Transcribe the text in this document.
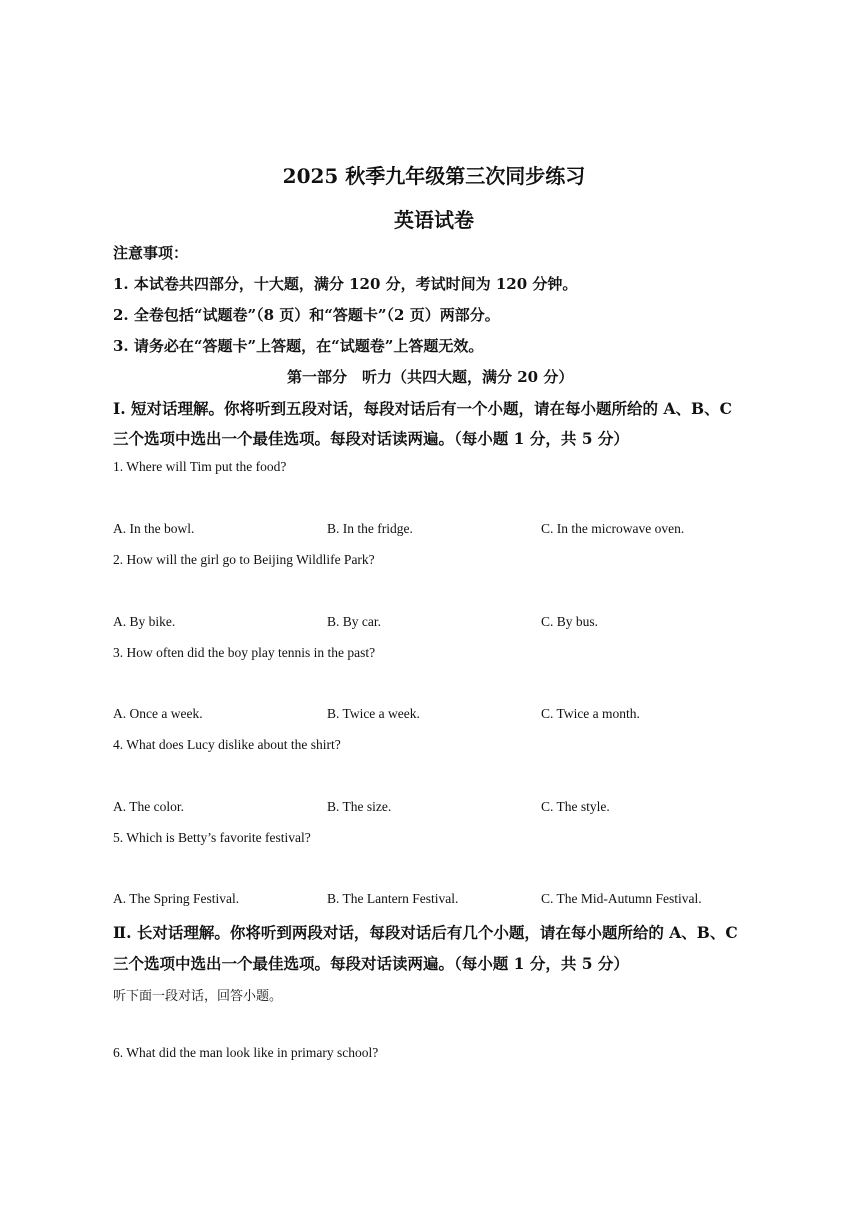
2025 秋季九年级第三次同步练习
英语试卷
注意事项：
1. 本试卷共四部分，十大题，满分 120 分，考试时间为 120 分钟。
2. 全卷包括“试题卷”（8 页）和“答题卡”（2 页）两部分。
3. 请务必在“答题卡”上答题，在“试题卷”上答题无效。
第一部分　听力（共四大题，满分 20 分）
Ⅰ. 短对话理解。你将听到五段对话，每段对话后有一个小题，请在每小题所给的 A、B、C
三个选项中选出一个最佳选项。每段对话读两遍。（每小题 1 分，共 5 分）
1. Where will Tim put the food?
A. In the bowl.	B. In the fridge.	C. In the microwave oven.
2. How will the girl go to Beijing Wildlife Park?
A. By bike.	B. By car.	C. By bus.
3. How often did the boy play tennis in the past?
A. Once a week.	B. Twice a week.	C. Twice a month.
4. What does Lucy dislike about the shirt?
A. The color.	B. The size.	C. The style.
5. Which is Betty’s favorite festival?
A. The Spring Festival.	B. The Lantern Festival.	C. The Mid-Autumn Festival.
Ⅱ. 长对话理解。你将听到两段对话，每段对话后有几个小题，请在每小题所给的 A、B、C
三个选项中选出一个最佳选项。每段对话读两遍。（每小题 1 分，共 5 分）
听下面一段对话，回答小题。
6. What did the man look like in primary school?
